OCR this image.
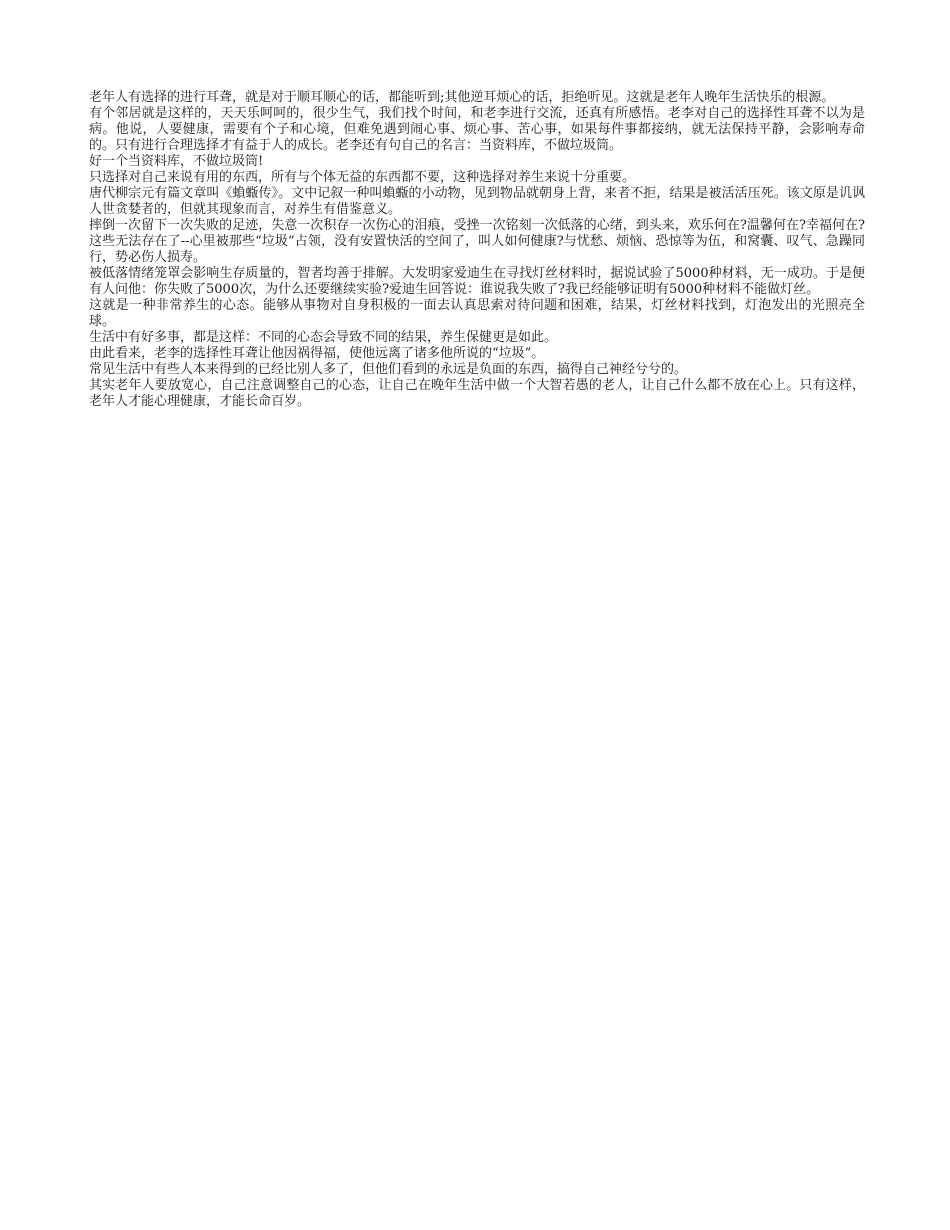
老年人有选择的进行耳聋，就是对于顺耳顺心的话，都能听到;其他逆耳烦心的话，拒绝听见。这就是老年人晚年生活快乐的根源。

有个邻居就是这样的，天天乐呵呵的，很少生气，我们找个时间，和老李进行交流，还真有所感悟。老李对自己的选择性耳聋不以为是病。他说，人要健康，需要有个子和心境，但难免遇到闹心事、烦心事、苦心事，如果每件事都接纳，就无法保持平静，会影响寿命的。只有进行合理选择才有益于人的成长。老李还有句自己的名言：当资料库，不做垃圾筒。

好一个当资料库，不做垃圾筒!

只选择对自己来说有用的东西，所有与个体无益的东西都不要，这种选择对养生来说十分重要。

唐代柳宗元有篇文章叫《蝜蝂传》。文中记叙一种叫蝜蝂的小动物，见到物品就朝身上背，来者不拒，结果是被活活压死。该文原是讥讽人世贪婪者的，但就其现象而言，对养生有借鉴意义。

摔倒一次留下一次失败的足迹，失意一次积存一次伤心的泪痕，受挫一次铭刻一次低落的心绪，到头来，欢乐何在?温馨何在?幸福何在?这些无法存在了--心里被那些“垃圾”占领，没有安置快活的空间了，叫人如何健康?与忧愁、烦恼、恐惊等为伍，和窝囊、叹气、急躁同行，势必伤人损寿。

被低落情绪笼罩会影响生存质量的，智者均善于排解。大发明家爱迪生在寻找灯丝材料时，据说试验了5000种材料，无一成功。于是便有人问他：你失败了5000次，为什么还要继续实验?爱迪生回答说：谁说我失败了?我已经能够证明有5000种材料不能做灯丝。

这就是一种非常养生的心态。能够从事物对自身积极的一面去认真思索对待问题和困难，结果，灯丝材料找到，灯泡发出的光照亮全球。

生活中有好多事，都是这样：不同的心态会导致不同的结果，养生保健更是如此。

由此看来，老李的选择性耳聋让他因祸得福，使他远离了诸多他所说的“垃圾”。

常见生活中有些人本来得到的已经比别人多了，但他们看到的永远是负面的东西，搞得自己神经兮兮的。

其实老年人要放宽心，自己注意调整自己的心态，让自己在晚年生活中做一个大智若愚的老人，让自己什么都不放在心上。只有这样，老年人才能心理健康，才能长命百岁。
